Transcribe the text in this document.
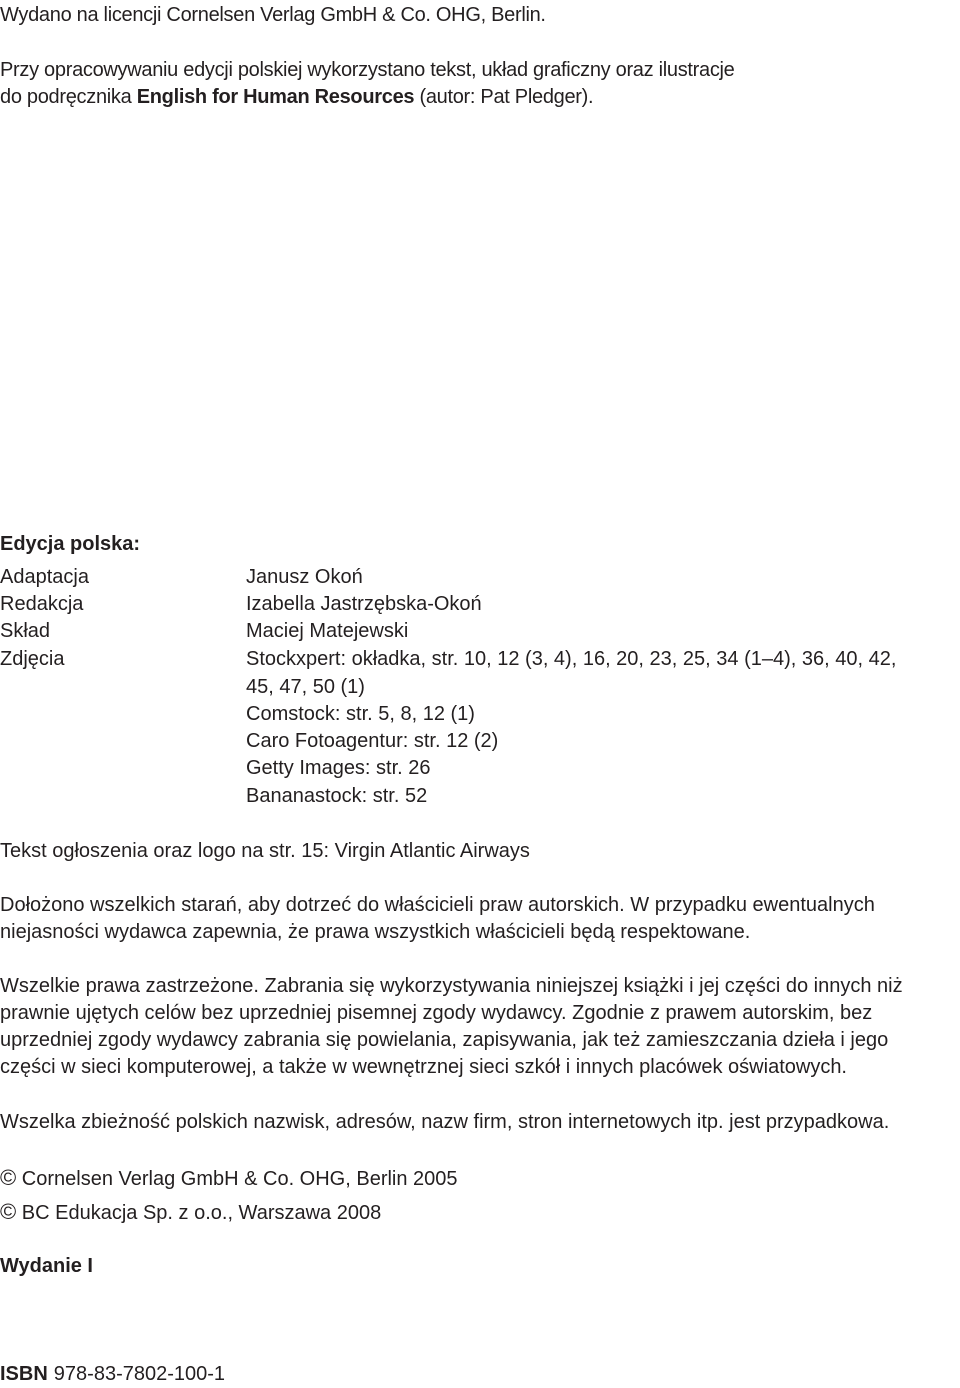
Wydano na licencji Cornelsen Verlag GmbH & Co. OHG, Berlin.
Przy opracowywaniu edycji polskiej wykorzystano tekst, układ graficzny oraz ilustracje
do podręcznika English for Human Resources (autor: Pat Pledger).
Edycja polska:
Adaptacja	Janusz Okoń
Redakcja	Izabella Jastrzębska-Okoń
Skład	Maciej Matejewski
Zdjęcia	Stockxpert: okładka, str. 10, 12 (3, 4), 16, 20, 23, 25, 34 (1–4), 36, 40, 42,
45, 47, 50 (1)
Comstock: str. 5, 8, 12 (1)
Caro Fotoagentur: str. 12 (2)
Getty Images: str. 26
Bananastock: str. 52
Tekst ogłoszenia oraz logo na str. 15: Virgin Atlantic Airways
Dołożono wszelkich starań, aby dotrzeć do właścicieli praw autorskich. W przypadku ewentualnych
niejasności wydawca zapewnia, że prawa wszystkich właścicieli będą respektowane.
Wszelkie prawa zastrzeżone. Zabrania się wykorzystywania niniejszej książki i jej części do innych niż
prawnie ujętych celów bez uprzedniej pisemnej zgody wydawcy. Zgodnie z prawem autorskim, bez
uprzedniej zgody wydawcy zabrania się powielania, zapisywania, jak też zamieszczania dzieła i jego
części w sieci komputerowej, a także w wewnętrznej sieci szkół i innych placówek oświatowych.
Wszelka zbieżność polskich nazwisk, adresów, nazw firm, stron internetowych itp. jest przypadkowa.
© Cornelsen Verlag GmbH & Co. OHG, Berlin 2005
© BC Edukacja Sp. z o.o., Warszawa 2008
Wydanie I
ISBN 978-83-7802-100-1
